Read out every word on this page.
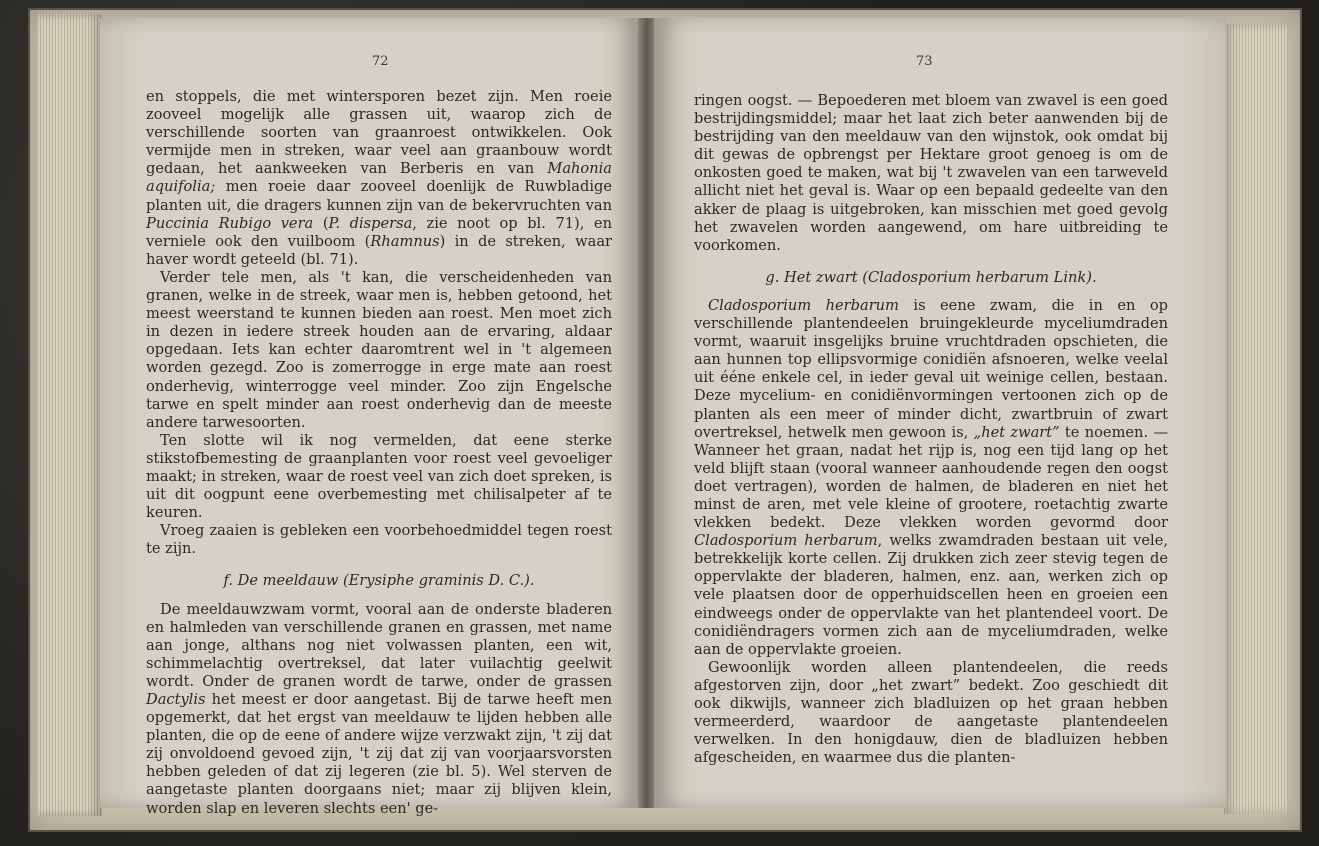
72

en stoppels, die met wintersporen bezet zijn. Men roeie zooveel mogelijk alle grassen uit, waarop zich de verschillende soorten van graanroest ontwikkelen. Ook vermijde men in streken, waar veel aan graanbouw wordt gedaan, het aankweeken van Berberis en van Mahonia aquifolia; men roeie daar zooveel doenlijk de Ruwbladige planten uit, die dragers kunnen zijn van de bekervruchten van Puccinia Rubigo vera (P. dispersa, zie noot op bl. 71), en verniele ook den vuilboom (Rhamnus) in de streken, waar haver wordt geteeld (bl. 71).

Verder tele men, als 't kan, die verscheidenheden van granen, welke in de streek, waar men is, hebben getoond, het meest weerstand te kunnen bieden aan roest. Men moet zich in dezen in iedere streek houden aan de ervaring, aldaar opgedaan. Iets kan echter daaromtrent wel in 't algemeen worden gezegd. Zoo is zomerrogge in erge mate aan roest onderhevig, winterrogge veel minder. Zoo zijn Engelsche tarwe en spelt minder aan roest onderhevig dan de meeste andere tarwesoorten.

Ten slotte wil ik nog vermelden, dat eene sterke stikstofbemesting de graanplanten voor roest veel gevoeliger maakt; in streken, waar de roest veel van zich doet spreken, is uit dit oogpunt eene overbemesting met chilisalpeter af te keuren.

Vroeg zaaien is gebleken een voorbehoedmiddel tegen roest te zijn.

f. De meeldauw (Erysiphe graminis D. C.).

De meeldauwzwam vormt, vooral aan de onderste bladeren en halmleden van verschillende granen en grassen, met name aan jonge, althans nog niet volwassen planten, een wit, schimmelachtig overtreksel, dat later vuilachtig geelwit wordt. Onder de granen wordt de tarwe, onder de grassen Dactylis het meest er door aangetast. Bij de tarwe heeft men opgemerkt, dat het ergst van meeldauw te lijden hebben alle planten, die op de eene of andere wijze verzwakt zijn, 't zij dat zij onvoldoend gevoed zijn, 't zij dat zij van voorjaarsvorsten hebben geleden of dat zij legeren (zie bl. 5). Wel sterven de aangetaste planten doorgaans niet; maar zij blijven klein, worden slap en leveren slechts een' ge-

73

ringen oogst. — Bepoederen met bloem van zwavel is een goed bestrijdingsmiddel; maar het laat zich beter aanwenden bij de bestrijding van den meeldauw van den wijnstok, ook omdat bij dit gewas de opbrengst per Hektare groot genoeg is om de onkosten goed te maken, wat bij 't zwavelen van een tarweveld allicht niet het geval is. Waar op een bepaald gedeelte van den akker de plaag is uitgebroken, kan misschien met goed gevolg het zwavelen worden aangewend, om hare uitbreiding te voorkomen.

g. Het zwart (Cladosporium herbarum Link).

Cladosporium herbarum is eene zwam, die in en op verschillende plantendeelen bruingekleurde myceliumdraden vormt, waaruit insgelijks bruine vruchtdraden opschieten, die aan hunnen top ellipsvormige conidiën afsnoeren, welke veelal uit ééne enkele cel, in ieder geval uit weinige cellen, bestaan. Deze mycelium- en conidiënvormingen vertoonen zich op de planten als een meer of minder dicht, zwartbruin of zwart overtreksel, hetwelk men gewoon is, „het zwart” te noemen. — Wanneer het graan, nadat het rijp is, nog een tijd lang op het veld blijft staan (vooral wanneer aanhoudende regen den oogst doet vertragen), worden de halmen, de bladeren en niet het minst de aren, met vele kleine of grootere, roetachtig zwarte vlekken bedekt. Deze vlekken worden gevormd door Cladosporium herbarum, welks zwamdraden bestaan uit vele, betrekkelijk korte cellen. Zij drukken zich zeer stevig tegen de oppervlakte der bladeren, halmen, enz. aan, werken zich op vele plaatsen door de opperhuidscellen heen en groeien een eindweegs onder de oppervlakte van het plantendeel voort. De conidiëndragers vormen zich aan de myceliumdraden, welke aan de oppervlakte groeien.

Gewoonlijk worden alleen plantendeelen, die reeds afgestorven zijn, door „het zwart” bedekt. Zoo geschiedt dit ook dikwijls, wanneer zich bladluizen op het graan hebben vermeerderd, waardoor de aangetaste plantendeelen verwelken. In den honigdauw, dien de bladluizen hebben afgescheiden, en waarmee dus die planten-
